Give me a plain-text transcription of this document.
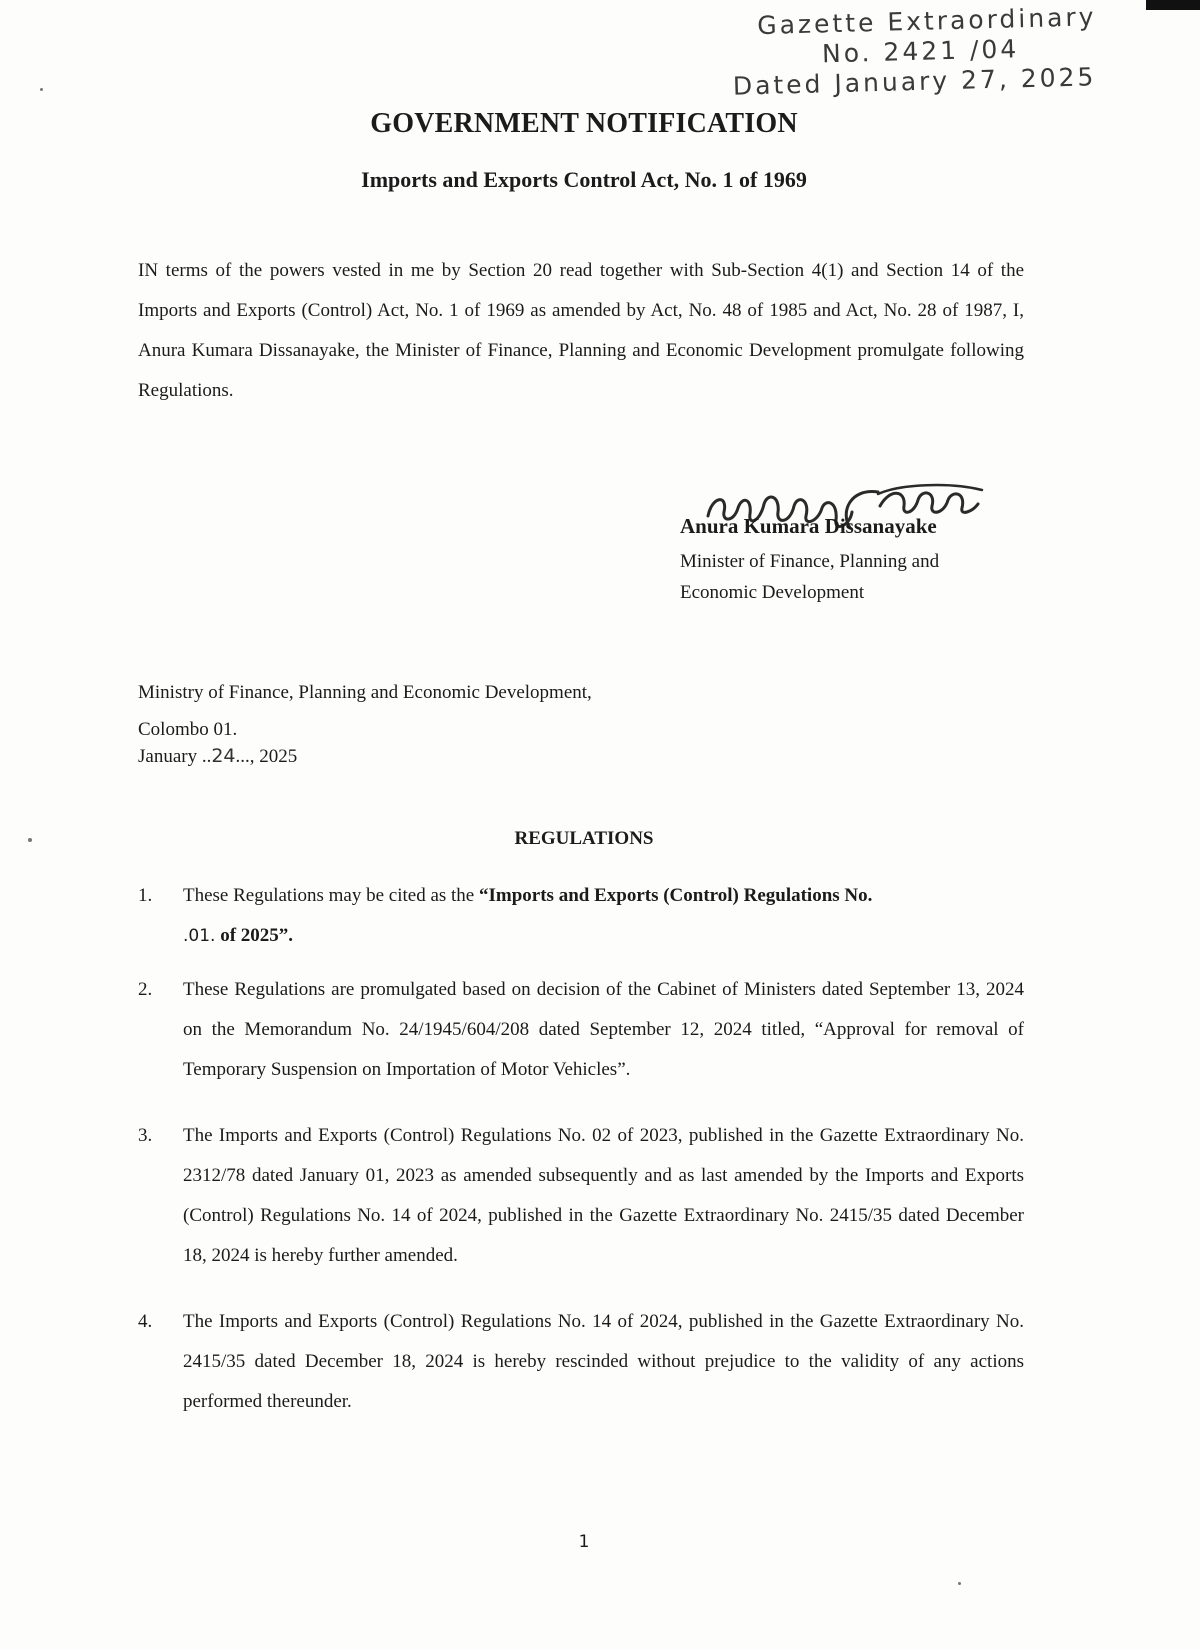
Gazette Extraordinary
No. 2421 /04
Dated January 27, 2025
GOVERNMENT NOTIFICATION
Imports and Exports Control Act, No. 1 of 1969

IN terms of the powers vested in me by Section 20 read together with Sub-Section 4(1) and Section 14 of the Imports and Exports (Control) Act, No. 1 of 1969 as amended by Act, No. 48 of 1985 and Act, No. 28 of 1987, I, Anura Kumara Dissanayake, the Minister of Finance, Planning and Economic Development promulgate following Regulations.

Anura Kumara Dissanayake
Minister of Finance, Planning and
Economic Development
Ministry of Finance, Planning and Economic Development,
Colombo 01.
January ..24..., 2025
REGULATIONS
1. These Regulations may be cited as the “Imports and Exports (Control) Regulations No.
.01. of 2025”.
2. These Regulations are promulgated based on decision of the Cabinet of Ministers dated September 13, 2024 on the Memorandum No. 24/1945/604/208 dated September 12, 2024 titled, “Approval for removal of Temporary Suspension on Importation of Motor Vehicles”.
3. The Imports and Exports (Control) Regulations No. 02 of 2023, published in the Gazette Extraordinary No. 2312/78 dated January 01, 2023 as amended subsequently and as last amended by the Imports and Exports (Control) Regulations No. 14 of 2024, published in the Gazette Extraordinary No. 2415/35 dated December 18, 2024 is hereby further amended.
4. The Imports and Exports (Control) Regulations No. 14 of 2024, published in the Gazette Extraordinary No. 2415/35 dated December 18, 2024 is hereby rescinded without prejudice to the validity of any actions performed thereunder.
1
